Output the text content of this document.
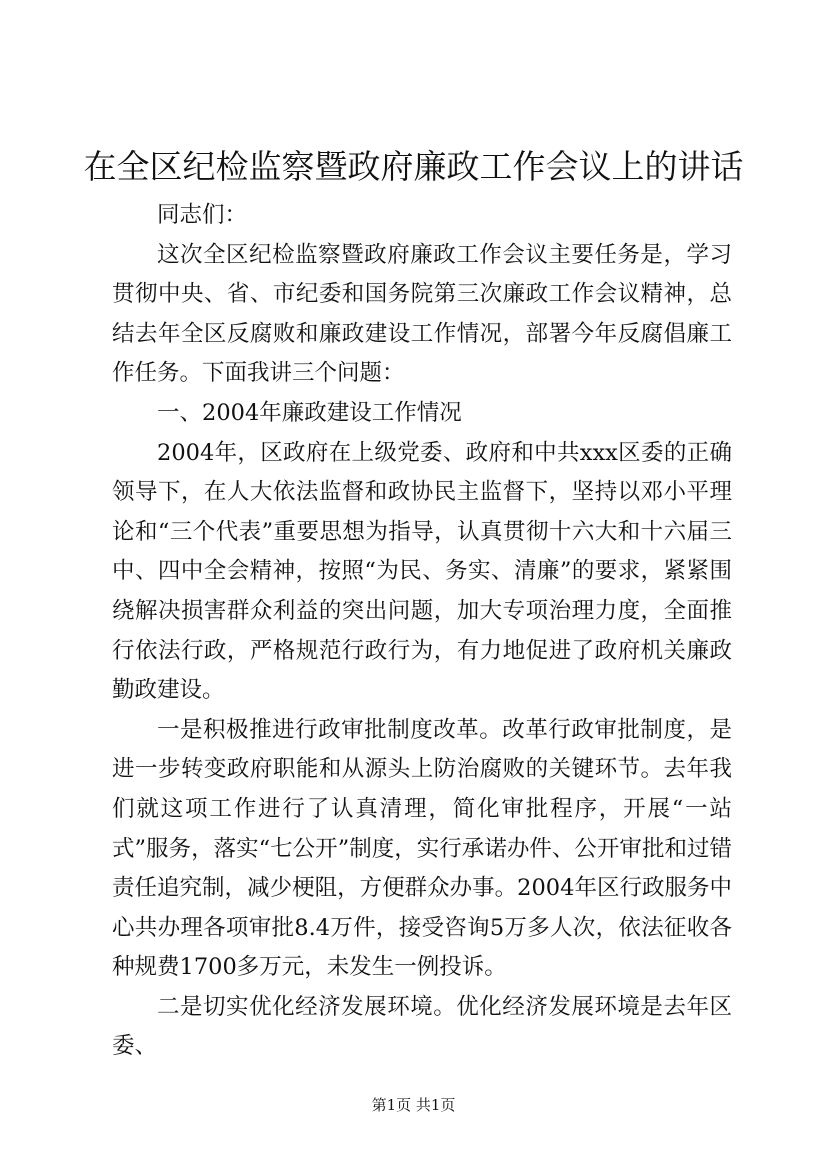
在全区纪检监察暨政府廉政工作会议上的讲话

同志们：

这次全区纪检监察暨政府廉政工作会议主要任务是，学习贯彻中央、省、市纪委和国务院第三次廉政工作会议精神，总结去年全区反腐败和廉政建设工作情况，部署今年反腐倡廉工作任务。下面我讲三个问题：

一、2004年廉政建设工作情况

2004年，区政府在上级党委、政府和中共xxx区委的正确领导下，在人大依法监督和政协民主监督下，坚持以邓小平理论和“三个代表”重要思想为指导，认真贯彻十六大和十六届三中、四中全会精神，按照“为民、务实、清廉”的要求，紧紧围绕解决损害群众利益的突出问题，加大专项治理力度，全面推行依法行政，严格规范行政行为，有力地促进了政府机关廉政勤政建设。

一是积极推进行政审批制度改革。改革行政审批制度，是进一步转变政府职能和从源头上防治腐败的关键环节。去年我们就这项工作进行了认真清理，简化审批程序，开展“一站式”服务，落实“七公开”制度，实行承诺办件、公开审批和过错责任追究制，减少梗阻，方便群众办事。2004年区行政服务中心共办理各项审批8.4万件，接受咨询5万多人次，依法征收各种规费1700多万元，未发生一例投诉。

二是切实优化经济发展环境。优化经济发展环境是去年区委、

第1页 共1页
